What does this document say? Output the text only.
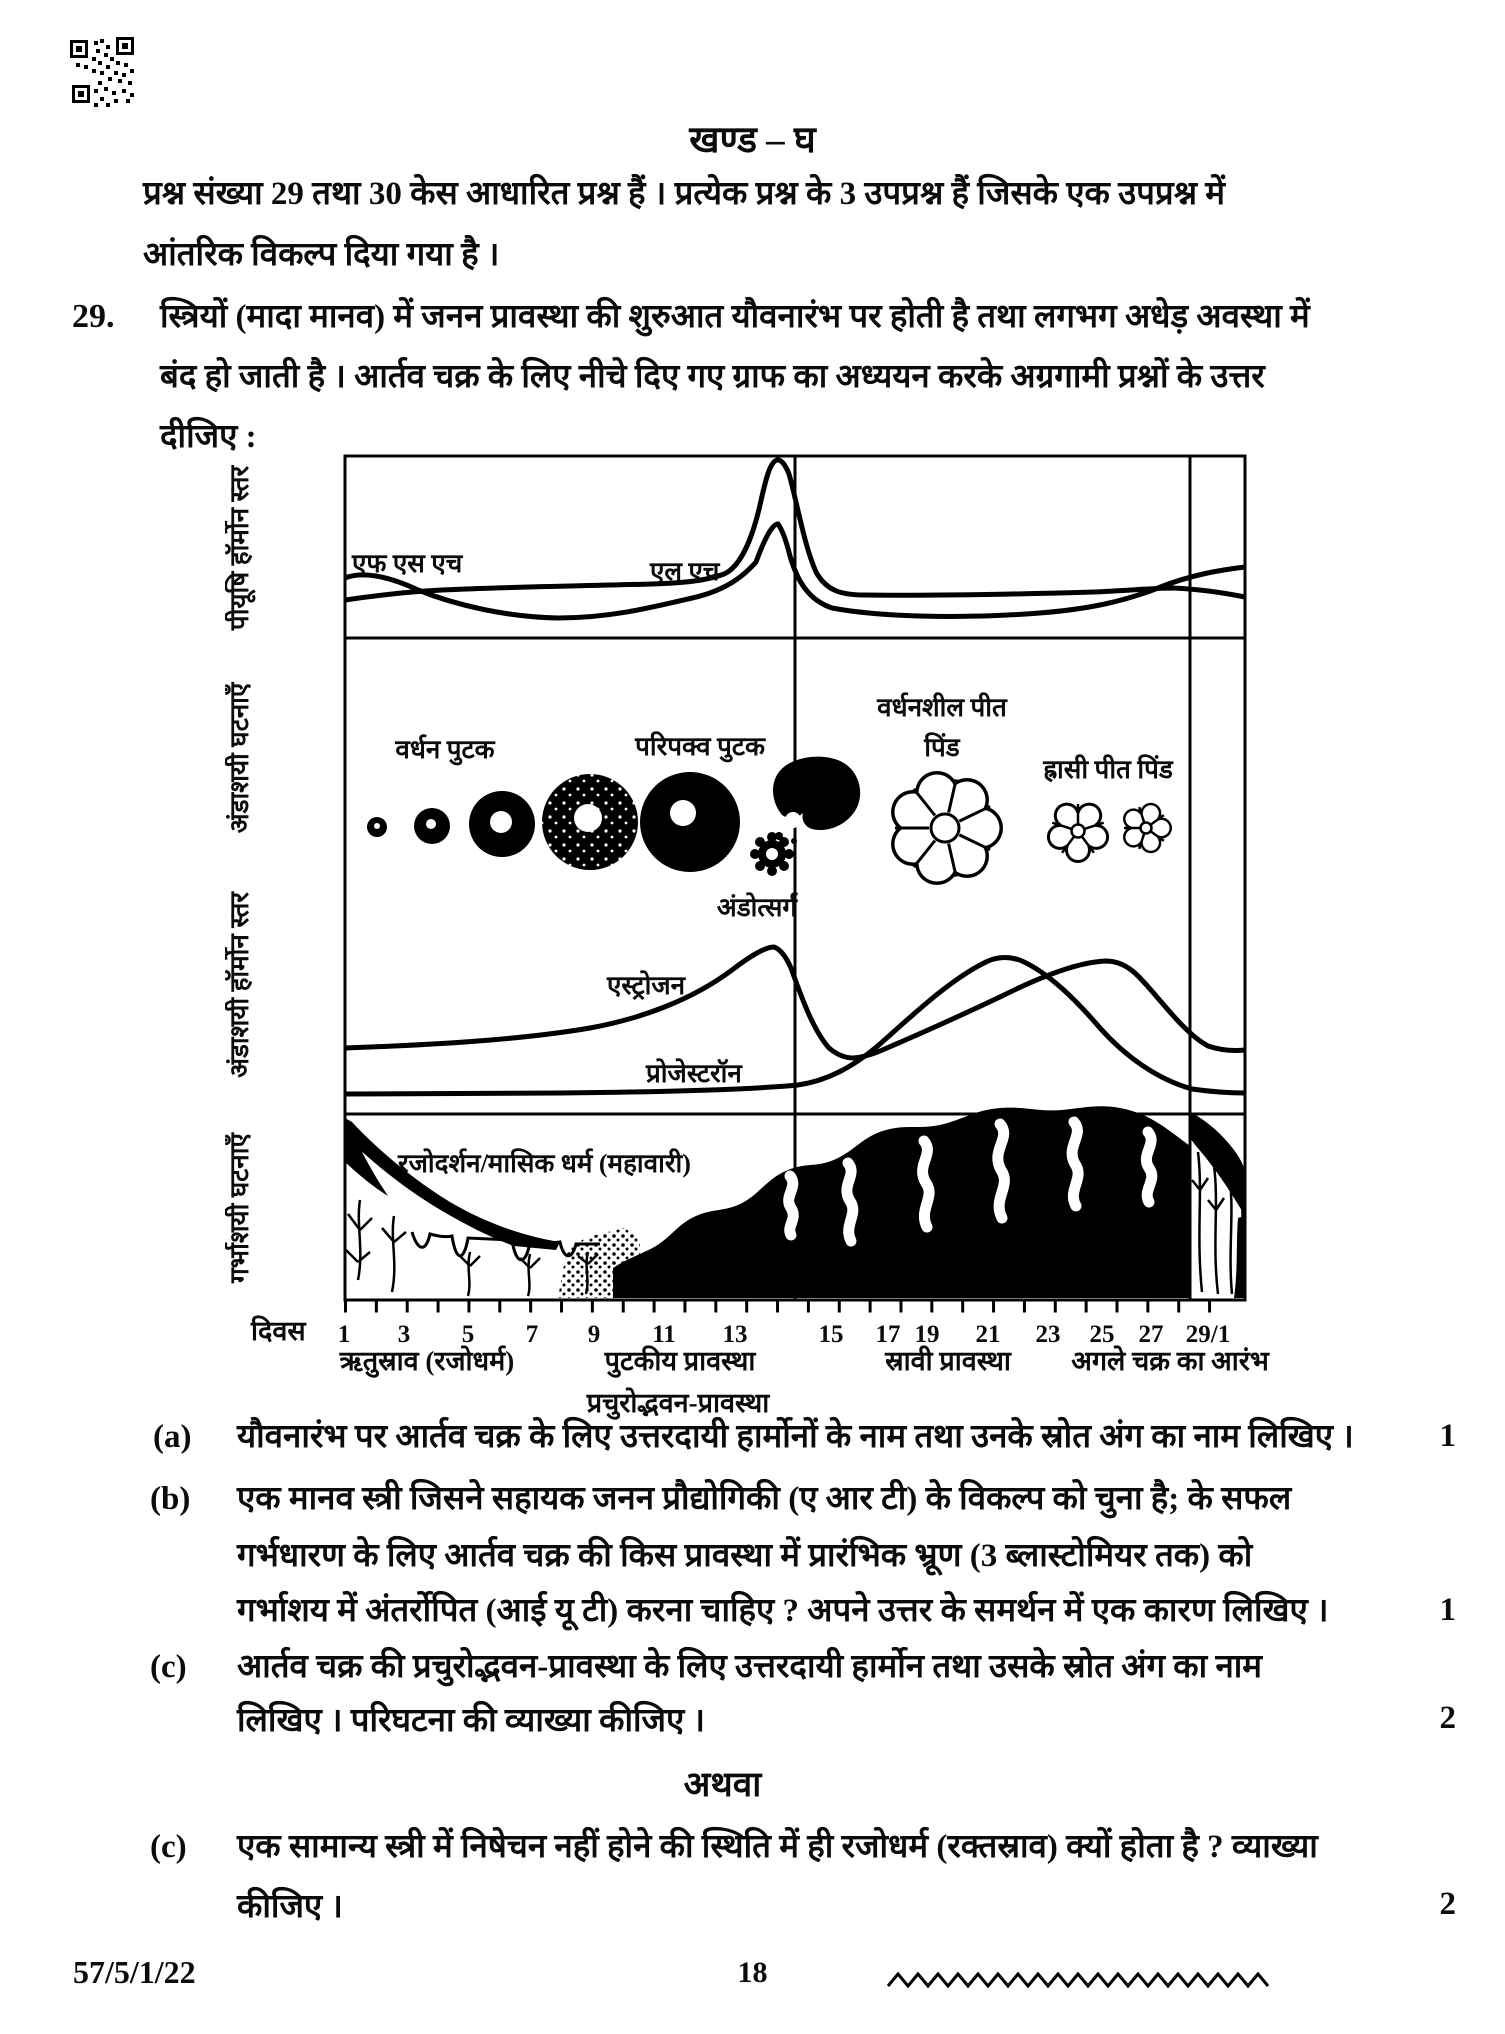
खण्ड – घ
प्रश्न संख्या 29 तथा 30 केस आधारित प्रश्न हैं । प्रत्येक प्रश्न के 3 उपप्रश्न हैं जिसके एक उपप्रश्न में
आंतरिक विकल्प दिया गया है ।
29. स्त्रियों (मादा मानव) में जनन प्रावस्था की शुरुआत यौवनारंभ पर होती है तथा लगभग अधेड़ अवस्था में
बंद हो जाती है । आर्तव चक्र के लिए नीचे दिए गए ग्राफ का अध्ययन करके अग्रगामी प्रश्नों के उत्तर
दीजिए :
एफ एस एच	एल एच
वर्धन पुटक	परिपक्व पुटक
अंडोत्सर्ग
वर्धनशील पीत
पिंड
ह्रासी पीत पिंड
एस्ट्रोजन
प्रोजेस्टरॉन
रजोदर्शन/मासिक धर्म (महावारी)
दिवस 1 3 5 7 9 11 13	15 17 19 21 23 25 27 29/1
ऋतुस्राव (रजोधर्म)	पुटकीय प्रावस्था	स्रावी प्रावस्था अगले चक्र का आरंभ
प्रचुरोद्भवन-प्रावस्था
पीयूषि हॉर्मोन स्तर
अंडाशयी घटनाएँ
अंडाशयी हॉर्मोन स्तर
गर्भाशयी घटनाएँ
(a) यौवनारंभ पर आर्तव चक्र के लिए उत्तरदायी हार्मोनों के नाम तथा उनके स्रोत अंग का नाम लिखिए ।	1
(b) एक मानव स्त्री जिसने सहायक जनन प्रौद्योगिकी (ए आर टी) के विकल्प को चुना है; के सफल
गर्भधारण के लिए आर्तव चक्र की किस प्रावस्था में प्रारंभिक भ्रूण (3 ब्लास्टोमियर तक) को
गर्भाशय में अंतर्रोपित (आई यू टी) करना चाहिए ? अपने उत्तर के समर्थन में एक कारण लिखिए ।	1
(c) आर्तव चक्र की प्रचुरोद्भवन-प्रावस्था के लिए उत्तरदायी हार्मोन तथा उसके स्रोत अंग का नाम
लिखिए । परिघटना की व्याख्या कीजिए ।	2
अथवा
(c) एक सामान्य स्त्री में निषेचन नहीं होने की स्थिति में ही रजोधर्म (रक्तस्राव) क्यों होता है ? व्याख्या
कीजिए ।	2
57/5/1/22	18
